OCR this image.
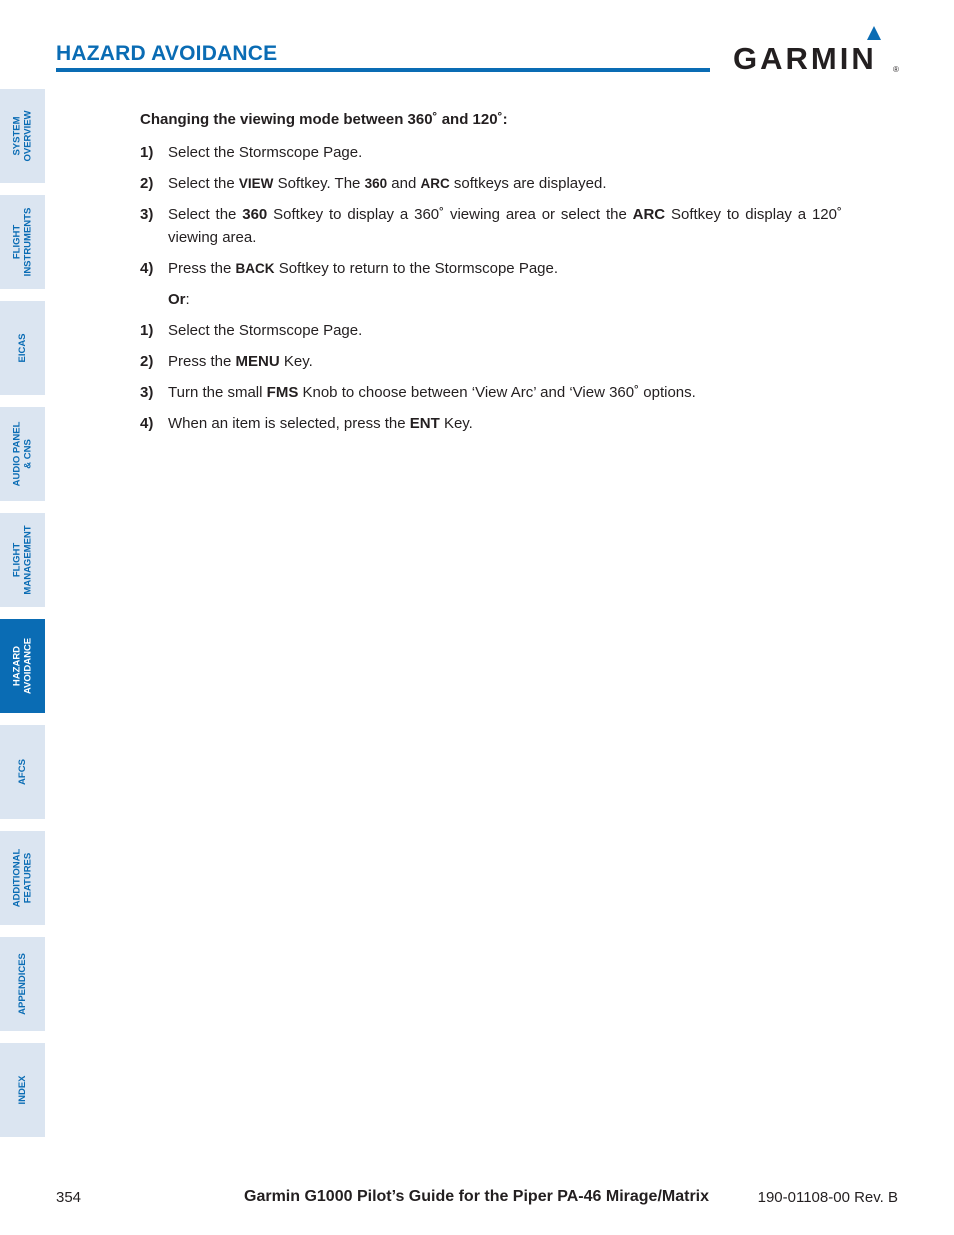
HAZARD AVOIDANCE	GARMIN ®
SYSTEM OVERVIEW
FLIGHT INSTRUMENTS
EICAS
AUDIO PANEL & CNS
FLIGHT MANAGEMENT
HAZARD AVOIDANCE
AFCS
ADDITIONAL FEATURES
APPENDICES
INDEX
Changing the viewing mode between 360˚ and 120˚:
1) Select the Stormscope Page.
2) Select the VIEW Softkey. The 360 and ARC softkeys are displayed.
3) Select the 360 Softkey to display a 360˚ viewing area or select the ARC Softkey to display a 120˚ viewing area.
4) Press the BACK Softkey to return to the Stormscope Page.
Or:
1) Select the Stormscope Page.
2) Press the MENU Key.
3) Turn the small FMS Knob to choose between ‘View Arc’ and ‘View 360˚ options.
4) When an item is selected, press the ENT Key.
354	Garmin G1000 Pilot’s Guide for the Piper PA-46 Mirage/Matrix	190-01108-00 Rev. B
